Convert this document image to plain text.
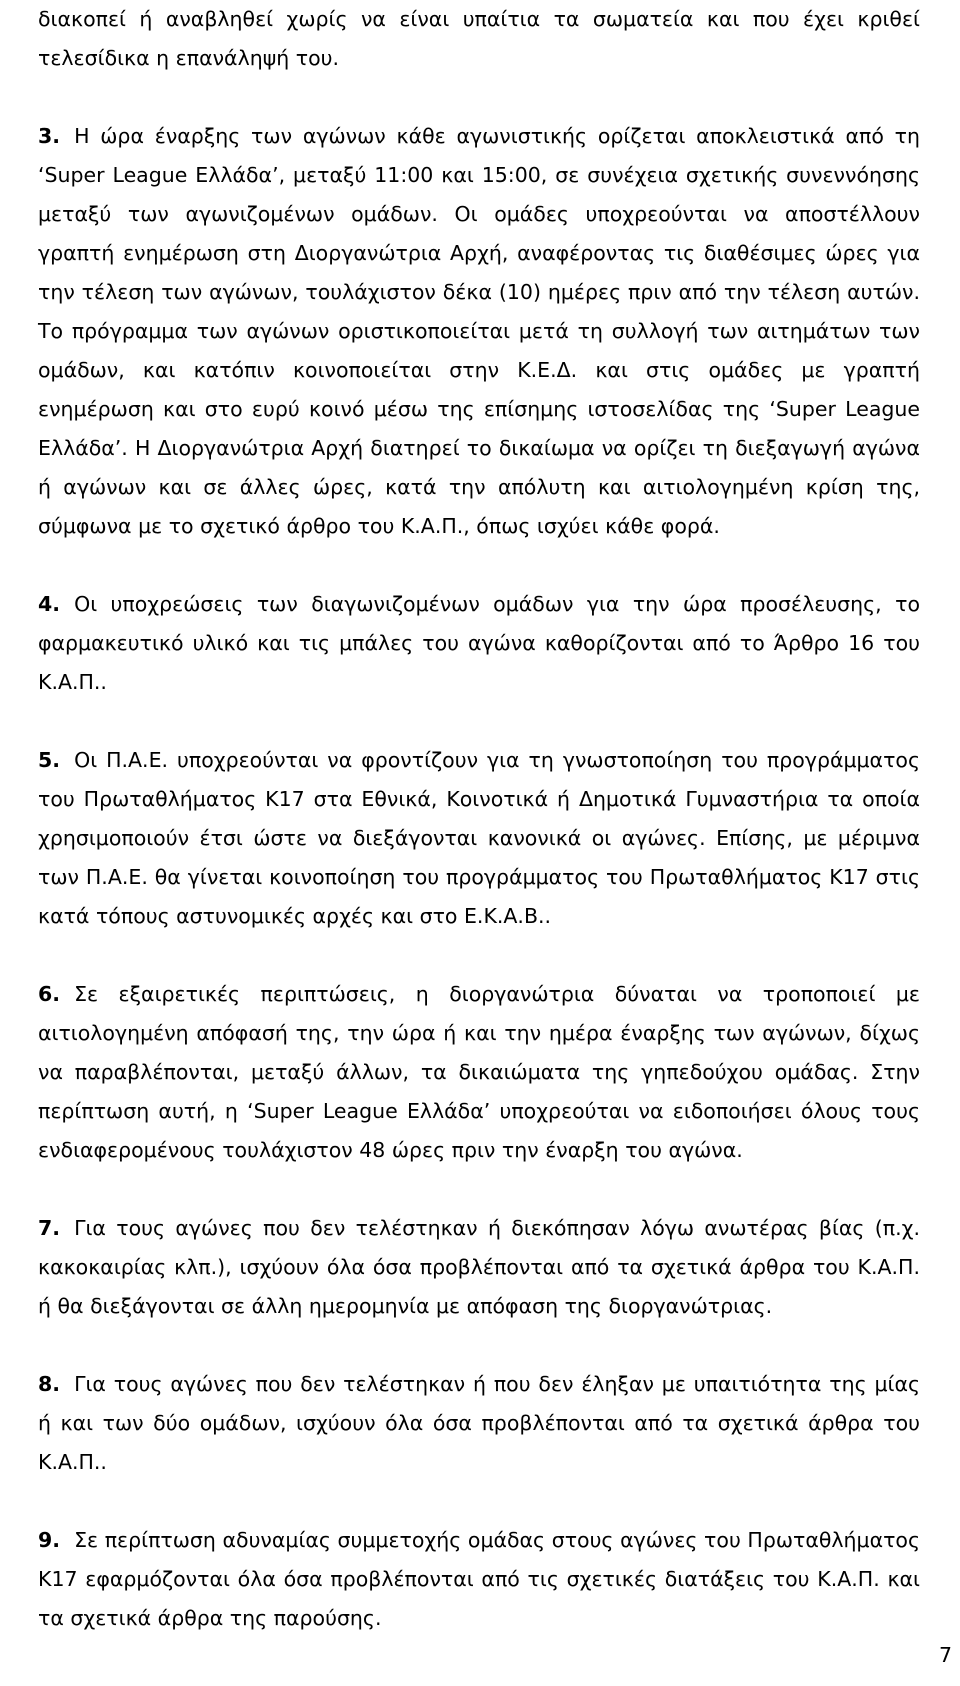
διακοπεί ή αναβληθεί χωρίς να είναι υπαίτια τα σωματεία και που έχει κριθεί τελεσίδικα η επανάληψή του.

3. Η ώρα έναρξης των αγώνων κάθε αγωνιστικής ορίζεται αποκλειστικά από τη ‘Super League Ελλάδα’, μεταξύ 11:00 και 15:00, σε συνέχεια σχετικής συνεννόησης μεταξύ των αγωνιζομένων ομάδων. Οι ομάδες υποχρεούνται να αποστέλλουν γραπτή ενημέρωση στη Διοργανώτρια Αρχή, αναφέροντας τις διαθέσιμες ώρες για την τέλεση των αγώνων, τουλάχιστον δέκα (10) ημέρες πριν από την τέλεση αυτών. Το πρόγραμμα των αγώνων οριστικοποιείται μετά τη συλλογή των αιτημάτων των ομάδων, και κατόπιν κοινοποιείται στην Κ.Ε.Δ. και στις ομάδες με γραπτή ενημέρωση και στο ευρύ κοινό μέσω της επίσημης ιστοσελίδας της ‘Super League Ελλάδα’. Η Διοργανώτρια Αρχή διατηρεί το δικαίωμα να ορίζει τη διεξαγωγή αγώνα ή αγώνων και σε άλλες ώρες, κατά την απόλυτη και αιτιολογημένη κρίση της, σύμφωνα με το σχετικό άρθρο του Κ.Α.Π., όπως ισχύει κάθε φορά.

4. Οι υποχρεώσεις των διαγωνιζομένων ομάδων για την ώρα προσέλευσης, το φαρμακευτικό υλικό και τις μπάλες του αγώνα καθορίζονται από το Άρθρο 16 του Κ.Α.Π..

5. Οι Π.Α.Ε. υποχρεούνται να φροντίζουν για τη γνωστοποίηση του προγράμματος του Πρωταθλήματος Κ17 στα Εθνικά, Κοινοτικά ή Δημοτικά Γυμναστήρια τα οποία χρησιμοποιούν έτσι ώστε να διεξάγονται κανονικά οι αγώνες. Επίσης, με μέριμνα των Π.Α.Ε. θα γίνεται κοινοποίηση του προγράμματος του Πρωταθλήματος Κ17 στις κατά τόπους αστυνομικές αρχές και στο Ε.Κ.Α.Β..

6. Σε εξαιρετικές περιπτώσεις, η διοργανώτρια δύναται να τροποποιεί με αιτιολογημένη απόφασή της, την ώρα ή και την ημέρα έναρξης των αγώνων, δίχως να παραβλέπονται, μεταξύ άλλων, τα δικαιώματα της γηπεδούχου ομάδας. Στην περίπτωση αυτή, η ‘Super League Ελλάδα’ υποχρεούται να ειδοποιήσει όλους τους ενδιαφερομένους τουλάχιστον 48 ώρες πριν την έναρξη του αγώνα.

7. Για τους αγώνες που δεν τελέστηκαν ή διεκόπησαν λόγω ανωτέρας βίας (π.χ. κακοκαιρίας κλπ.), ισχύουν όλα όσα προβλέπονται από τα σχετικά άρθρα του Κ.Α.Π. ή θα διεξάγονται σε άλλη ημερομηνία με απόφαση της διοργανώτριας.

8. Για τους αγώνες που δεν τελέστηκαν ή που δεν έληξαν με υπαιτιότητα της μίας ή και των δύο ομάδων, ισχύουν όλα όσα προβλέπονται από τα σχετικά άρθρα του Κ.Α.Π..

9. Σε περίπτωση αδυναμίας συμμετοχής ομάδας στους αγώνες του Πρωταθλήματος Κ17 εφαρμόζονται όλα όσα προβλέπονται από τις σχετικές διατάξεις του Κ.Α.Π. και τα σχετικά άρθρα της παρούσης.

7
